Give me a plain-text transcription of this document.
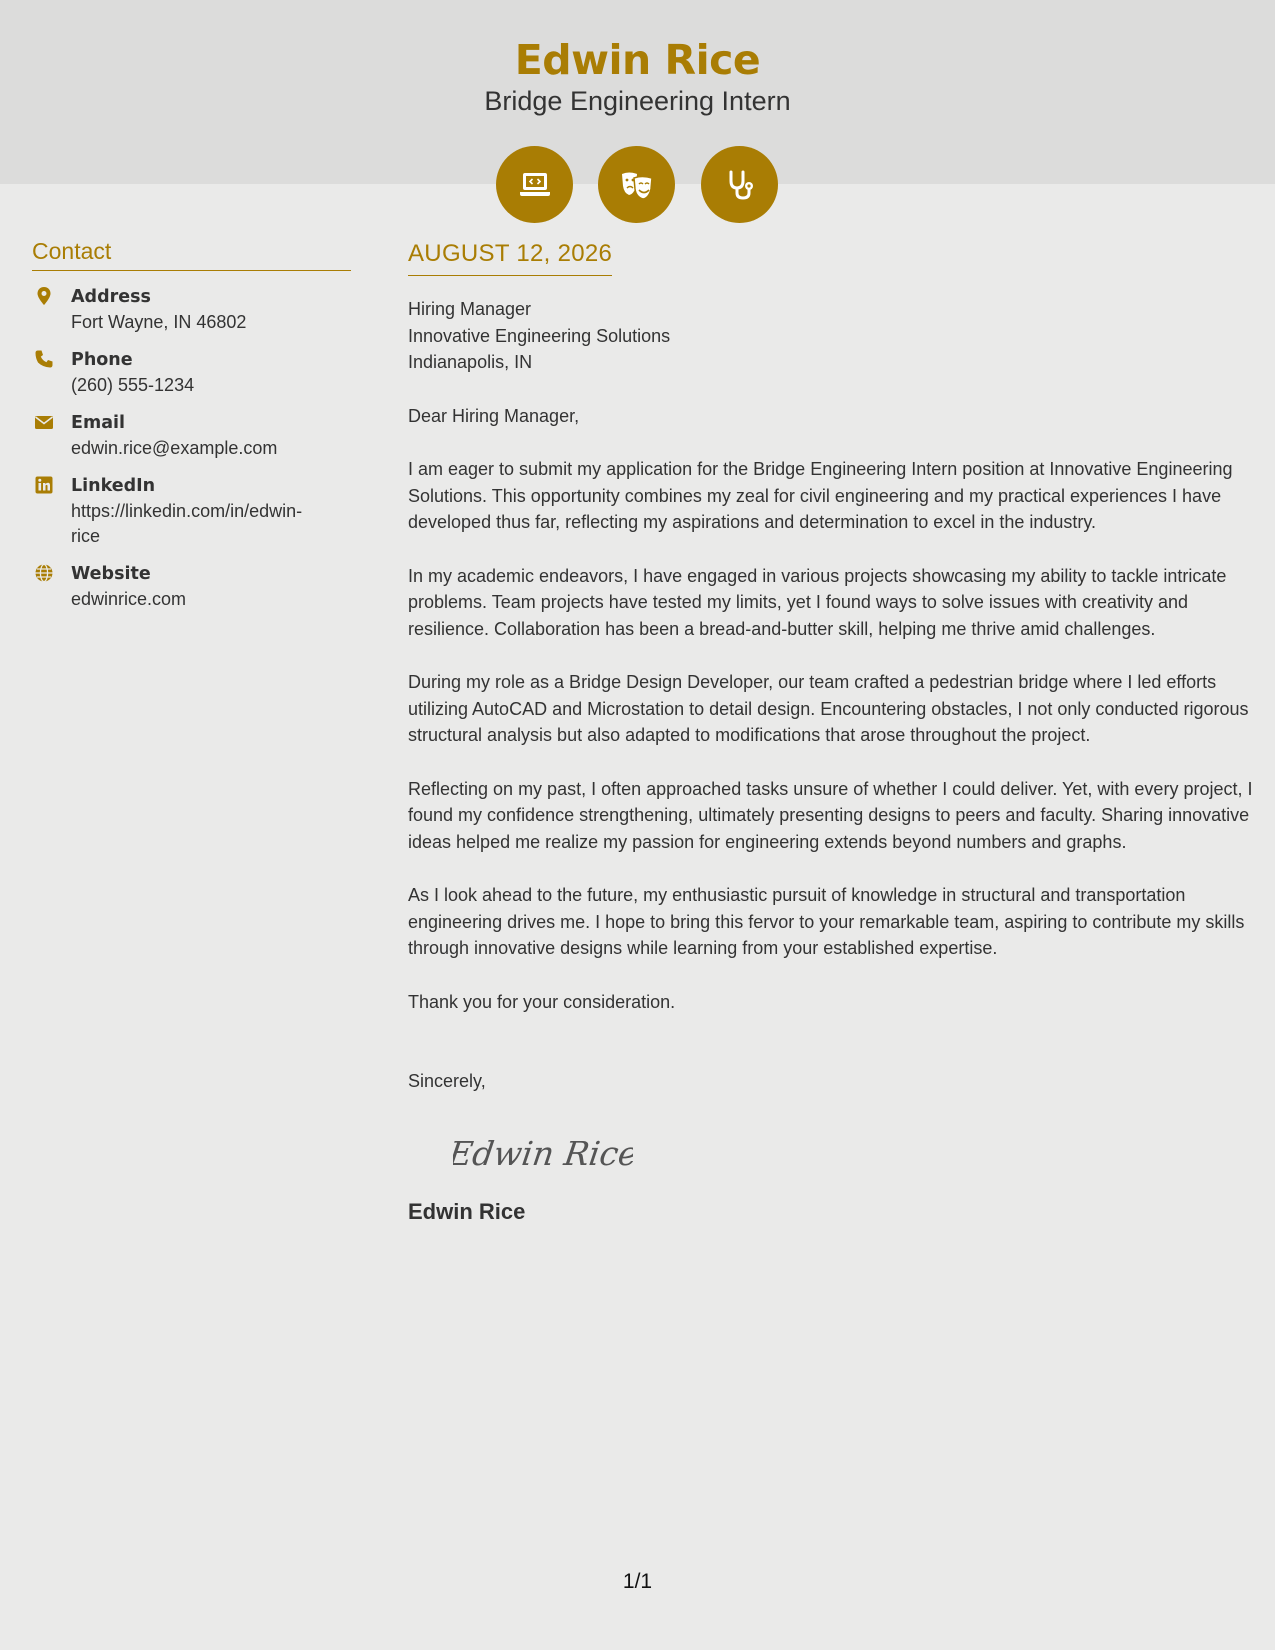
Edwin Rice
Bridge Engineering Intern
Contact
Address
Fort Wayne, IN 46802
Phone
(260) 555-1234
Email
edwin.rice@example.com
LinkedIn
https://linkedin.com/in/edwin-rice
Website
edwinrice.com
AUGUST 12, 2026
Hiring Manager
Innovative Engineering Solutions
Indianapolis, IN
Dear Hiring Manager,

I am eager to submit my application for the Bridge Engineering Intern position at Innovative Engineering Solutions. This opportunity combines my zeal for civil engineering and my practical experiences I have developed thus far, reflecting my aspirations and determination to excel in the industry.

In my academic endeavors, I have engaged in various projects showcasing my ability to tackle intricate problems. Team projects have tested my limits, yet I found ways to solve issues with creativity and resilience. Collaboration has been a bread-and-butter skill, helping me thrive amid challenges.

During my role as a Bridge Design Developer, our team crafted a pedestrian bridge where I led efforts utilizing AutoCAD and Microstation to detail design. Encountering obstacles, I not only conducted rigorous structural analysis but also adapted to modifications that arose throughout the project.

Reflecting on my past, I often approached tasks unsure of whether I could deliver. Yet, with every project, I found my confidence strengthening, ultimately presenting designs to peers and faculty. Sharing innovative ideas helped me realize my passion for engineering extends beyond numbers and graphs.

As I look ahead to the future, my enthusiastic pursuit of knowledge in structural and transportation engineering drives me. I hope to bring this fervor to your remarkable team, aspiring to contribute my skills through innovative designs while learning from your established expertise.

Thank you for your consideration.

Sincerely,
Edwin Rice
Edwin Rice
1/1
